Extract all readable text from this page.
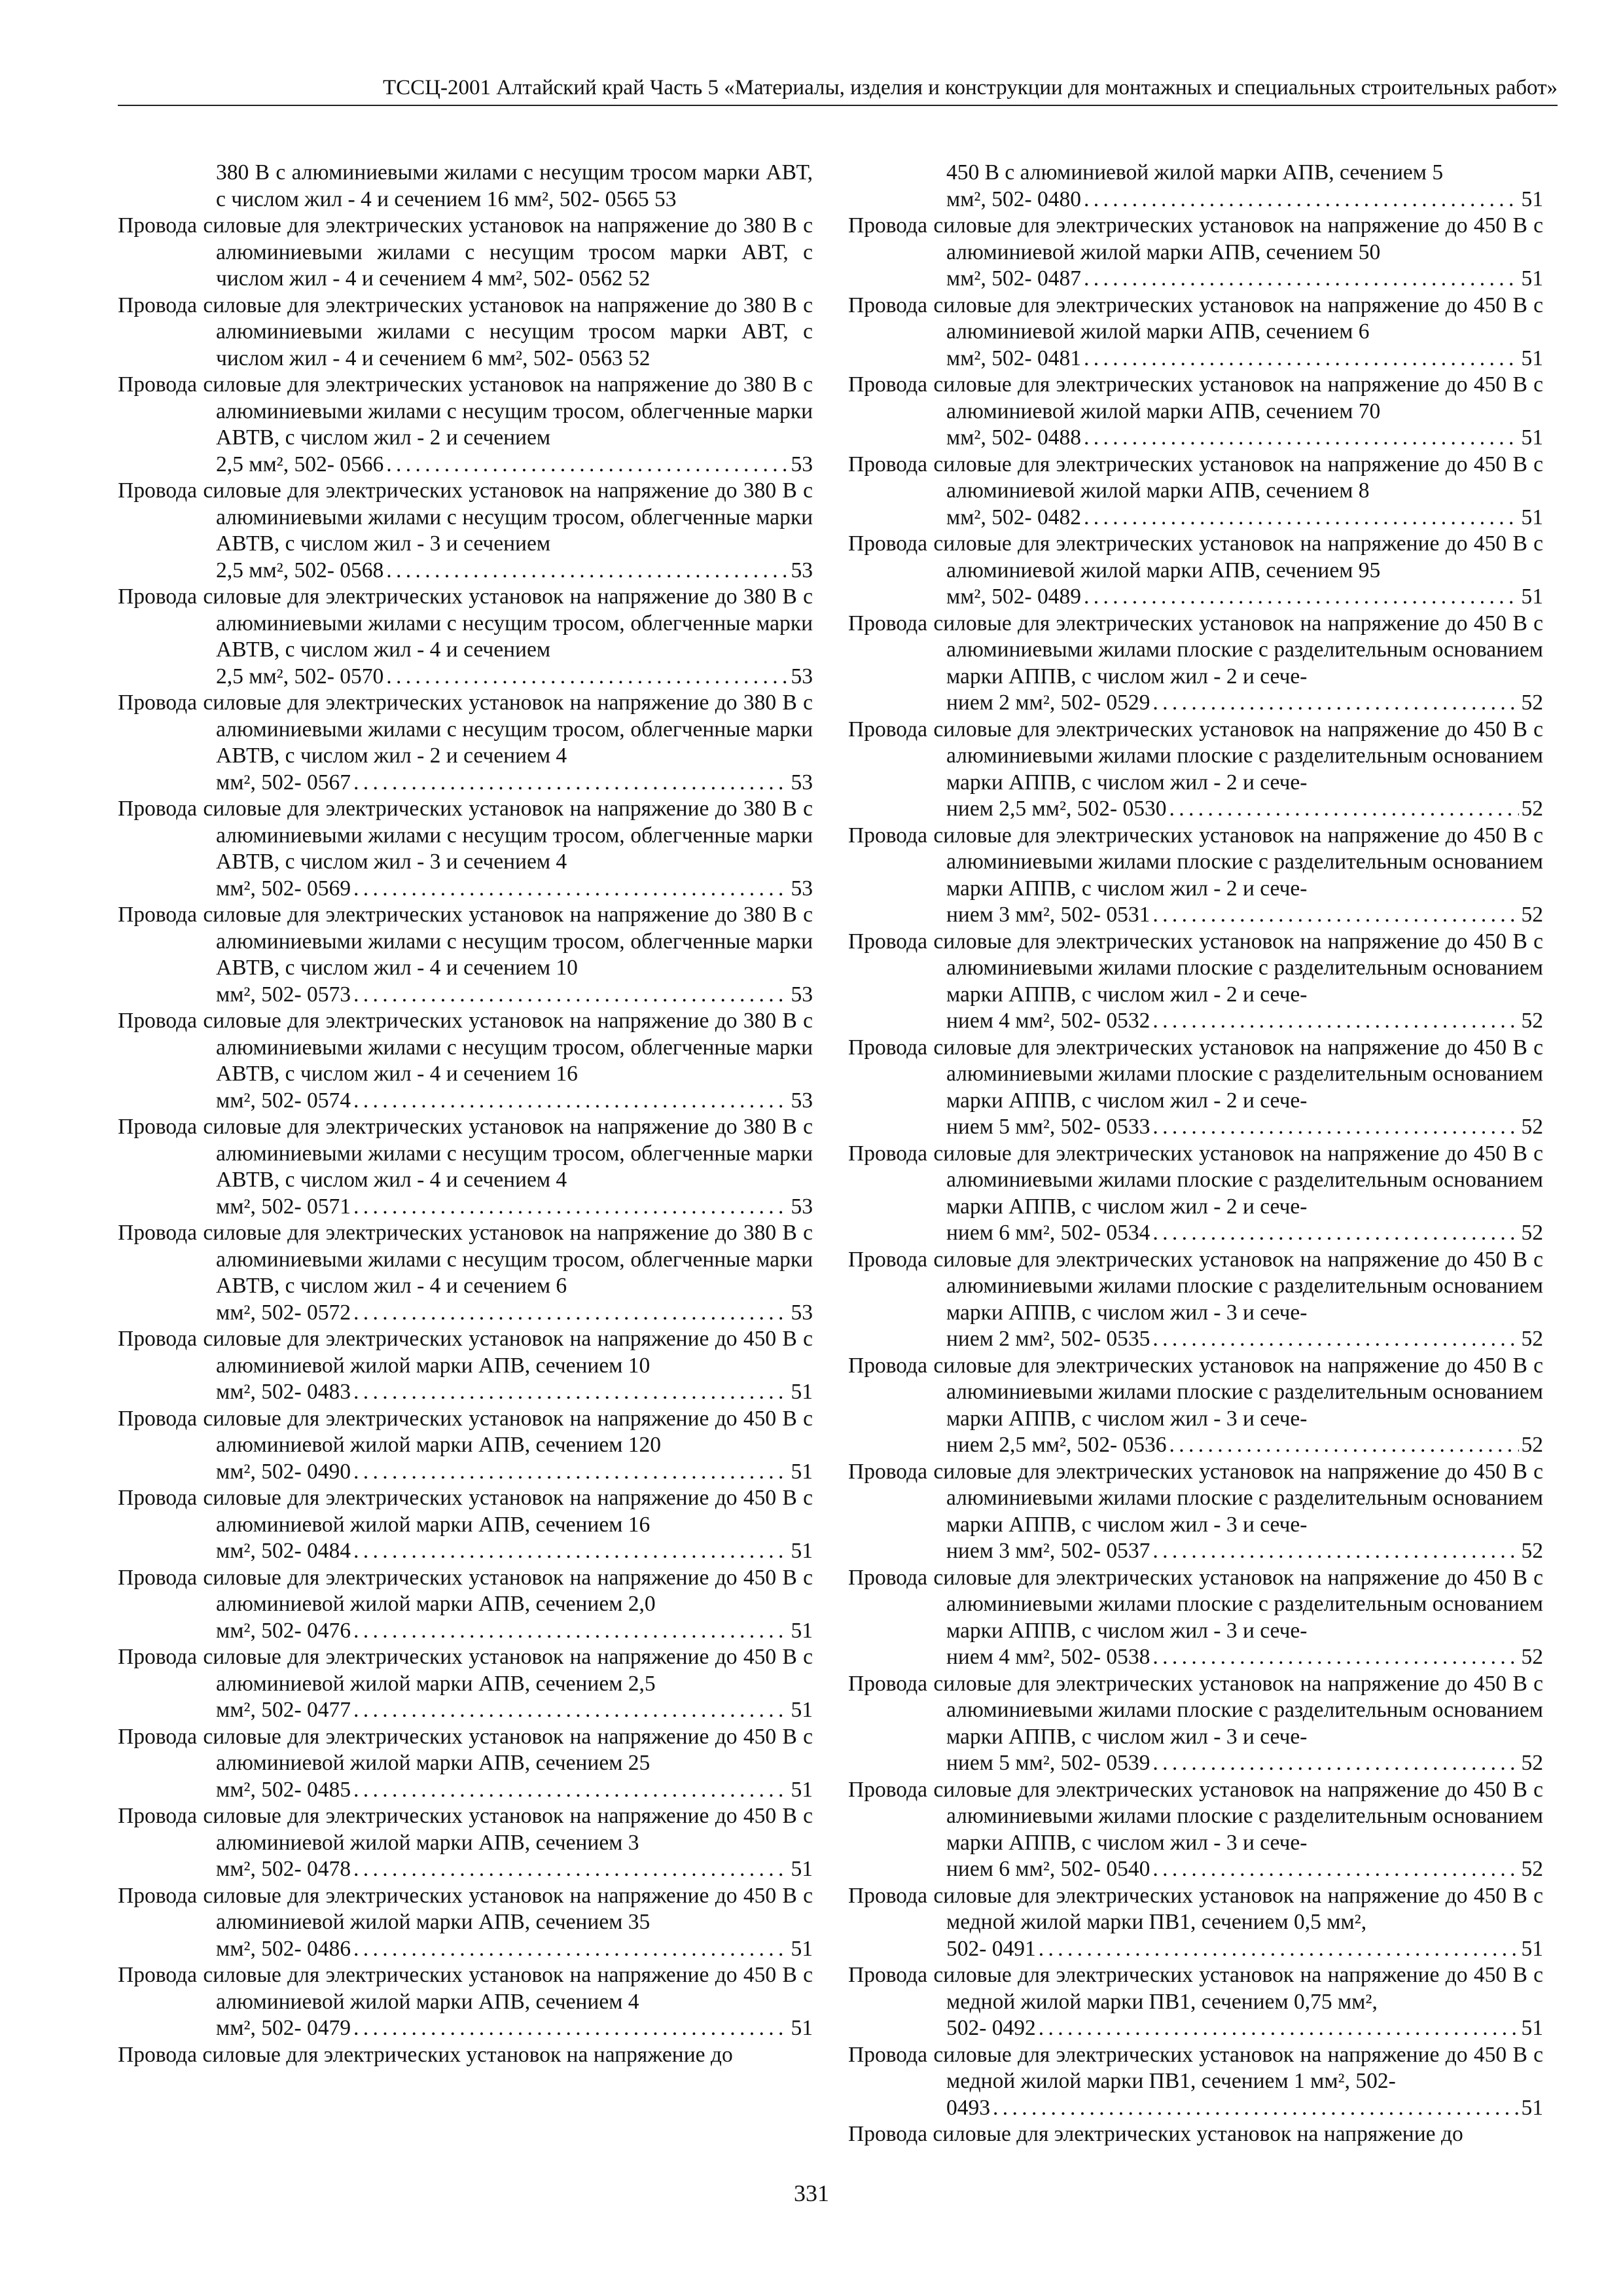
ТССЦ-2001 Алтайский край Часть 5 «Материалы, изделия и конструкции для монтажных и специальных строительных работ»
380 В с алюминиевыми жилами с несущим тросом марки АВТ, с числом жил - 4 и сечением 16 мм², 502- 0565 53
Провода силовые для электрических установок на напряжение до 380 В с алюминиевыми жилами с несущим тросом марки АВТ, с числом жил - 4 и сечением 4 мм², 502- 0562 52
Провода силовые для электрических установок на напряжение до 380 В с алюминиевыми жилами с несущим тросом марки АВТ, с числом жил - 4 и сечением 6 мм², 502- 0563 52
Провода силовые для электрических установок на напряжение до 380 В с алюминиевыми жилами с несущим тросом, облегченные марки АВТВ, с числом жил - 2 и сечением
2,5 мм², 502- 0566 . . .	53
Провода силовые для электрических установок на напряжение до 380 В с алюминиевыми жилами с несущим тросом, облегченные марки АВТВ, с числом жил - 3 и сечением
2,5 мм², 502- 0568 . . .	53
Провода силовые для электрических установок на напряжение до 380 В с алюминиевыми жилами с несущим тросом, облегченные марки АВТВ, с числом жил - 4 и сечением
2,5 мм², 502- 0570 . . .	53
Провода силовые для электрических установок на напряжение до 380 В с алюминиевыми жилами с несущим тросом, облегченные марки АВТВ, с числом жил - 2 и сечением 4
мм², 502- 0567 . . .	53
Провода силовые для электрических установок на напряжение до 380 В с алюминиевыми жилами с несущим тросом, облегченные марки АВТВ, с числом жил - 3 и сечением 4
мм², 502- 0569 . . .	53
Провода силовые для электрических установок на напряжение до 380 В с алюминиевыми жилами с несущим тросом, облегченные марки АВТВ, с числом жил - 4 и сечением 10
мм², 502- 0573 . . .	53
Провода силовые для электрических установок на напряжение до 380 В с алюминиевыми жилами с несущим тросом, облегченные марки АВТВ, с числом жил - 4 и сечением 16
мм², 502- 0574 . . .	53
Провода силовые для электрических установок на напряжение до 380 В с алюминиевыми жилами с несущим тросом, облегченные марки АВТВ, с числом жил - 4 и сечением 4
мм², 502- 0571 . . .	53
Провода силовые для электрических установок на напряжение до 380 В с алюминиевыми жилами с несущим тросом, облегченные марки АВТВ, с числом жил - 4 и сечением 6
мм², 502- 0572 . . .	53
Провода силовые для электрических установок на напряжение до 450 В с алюминиевой жилой марки АПВ, сечением 10
мм², 502- 0483 . . .	51
Провода силовые для электрических установок на напряжение до 450 В с алюминиевой жилой марки АПВ, сечением 120
мм², 502- 0490 . . .	51
Провода силовые для электрических установок на напряжение до 450 В с алюминиевой жилой марки АПВ, сечением 16
мм², 502- 0484 . . .	51
Провода силовые для электрических установок на напряжение до 450 В с алюминиевой жилой марки АПВ, сечением 2,0
мм², 502- 0476 . . .	51
Провода силовые для электрических установок на напряжение до 450 В с алюминиевой жилой марки АПВ, сечением 2,5
мм², 502- 0477 . . .	51
Провода силовые для электрических установок на напряжение до 450 В с алюминиевой жилой марки АПВ, сечением 25
мм², 502- 0485 . . .	51
Провода силовые для электрических установок на напряжение до 450 В с алюминиевой жилой марки АПВ, сечением 3
мм², 502- 0478 . . .	51
Провода силовые для электрических установок на напряжение до 450 В с алюминиевой жилой марки АПВ, сечением 35
мм², 502- 0486 . . .	51
Провода силовые для электрических установок на напряжение до 450 В с алюминиевой жилой марки АПВ, сечением 4
мм², 502- 0479 . . .	51
Провода силовые для электрических установок на напряжение до
450 В с алюминиевой жилой марки АПВ, сечением 5
мм², 502- 0480 . . .	51
Провода силовые для электрических установок на напряжение до 450 В с алюминиевой жилой марки АПВ, сечением 50
мм², 502- 0487 . . .	51
Провода силовые для электрических установок на напряжение до 450 В с алюминиевой жилой марки АПВ, сечением 6
мм², 502- 0481 . . .	51
Провода силовые для электрических установок на напряжение до 450 В с алюминиевой жилой марки АПВ, сечением 70
мм², 502- 0488 . . .	51
Провода силовые для электрических установок на напряжение до 450 В с алюминиевой жилой марки АПВ, сечением 8
мм², 502- 0482 . . .	51
Провода силовые для электрических установок на напряжение до 450 В с алюминиевой жилой марки АПВ, сечением 95
мм², 502- 0489 . . .	51
Провода силовые для электрических установок на напряжение до 450 В с алюминиевыми жилами плоские с разделительным основанием марки АППВ, с числом жил - 2 и сече-
нием 2 мм², 502- 0529 . . .	52
Провода силовые для электрических установок на напряжение до 450 В с алюминиевыми жилами плоские с разделительным основанием марки АППВ, с числом жил - 2 и сече-
нием 2,5 мм², 502- 0530 . . .	52
Провода силовые для электрических установок на напряжение до 450 В с алюминиевыми жилами плоские с разделительным основанием марки АППВ, с числом жил - 2 и сече-
нием 3 мм², 502- 0531 . . .	52
Провода силовые для электрических установок на напряжение до 450 В с алюминиевыми жилами плоские с разделительным основанием марки АППВ, с числом жил - 2 и сече-
нием 4 мм², 502- 0532 . . .	52
Провода силовые для электрических установок на напряжение до 450 В с алюминиевыми жилами плоские с разделительным основанием марки АППВ, с числом жил - 2 и сече-
нием 5 мм², 502- 0533 . . .	52
Провода силовые для электрических установок на напряжение до 450 В с алюминиевыми жилами плоские с разделительным основанием марки АППВ, с числом жил - 2 и сече-
нием 6 мм², 502- 0534 . . .	52
Провода силовые для электрических установок на напряжение до 450 В с алюминиевыми жилами плоские с разделительным основанием марки АППВ, с числом жил - 3 и сече-
нием 2 мм², 502- 0535 . . .	52
Провода силовые для электрических установок на напряжение до 450 В с алюминиевыми жилами плоские с разделительным основанием марки АППВ, с числом жил - 3 и сече-
нием 2,5 мм², 502- 0536 . . .	52
Провода силовые для электрических установок на напряжение до 450 В с алюминиевыми жилами плоские с разделительным основанием марки АППВ, с числом жил - 3 и сече-
нием 3 мм², 502- 0537 . . .	52
Провода силовые для электрических установок на напряжение до 450 В с алюминиевыми жилами плоские с разделительным основанием марки АППВ, с числом жил - 3 и сече-
нием 4 мм², 502- 0538 . . .	52
Провода силовые для электрических установок на напряжение до 450 В с алюминиевыми жилами плоские с разделительным основанием марки АППВ, с числом жил - 3 и сече-
нием 5 мм², 502- 0539 . . .	52
Провода силовые для электрических установок на напряжение до 450 В с алюминиевыми жилами плоские с разделительным основанием марки АППВ, с числом жил - 3 и сече-
нием 6 мм², 502- 0540 . . .	52
Провода силовые для электрических установок на напряжение до 450 В с медной жилой марки ПВ1, сечением 0,5 мм²,
502- 0491 . . .	51
Провода силовые для электрических установок на напряжение до 450 В с медной жилой марки ПВ1, сечением 0,75 мм²,
502- 0492 . . .	51
Провода силовые для электрических установок на напряжение до 450 В с медной жилой марки ПВ1, сечением 1 мм², 502-
0493 . . .	51
Провода силовые для электрических установок на напряжение до
331
